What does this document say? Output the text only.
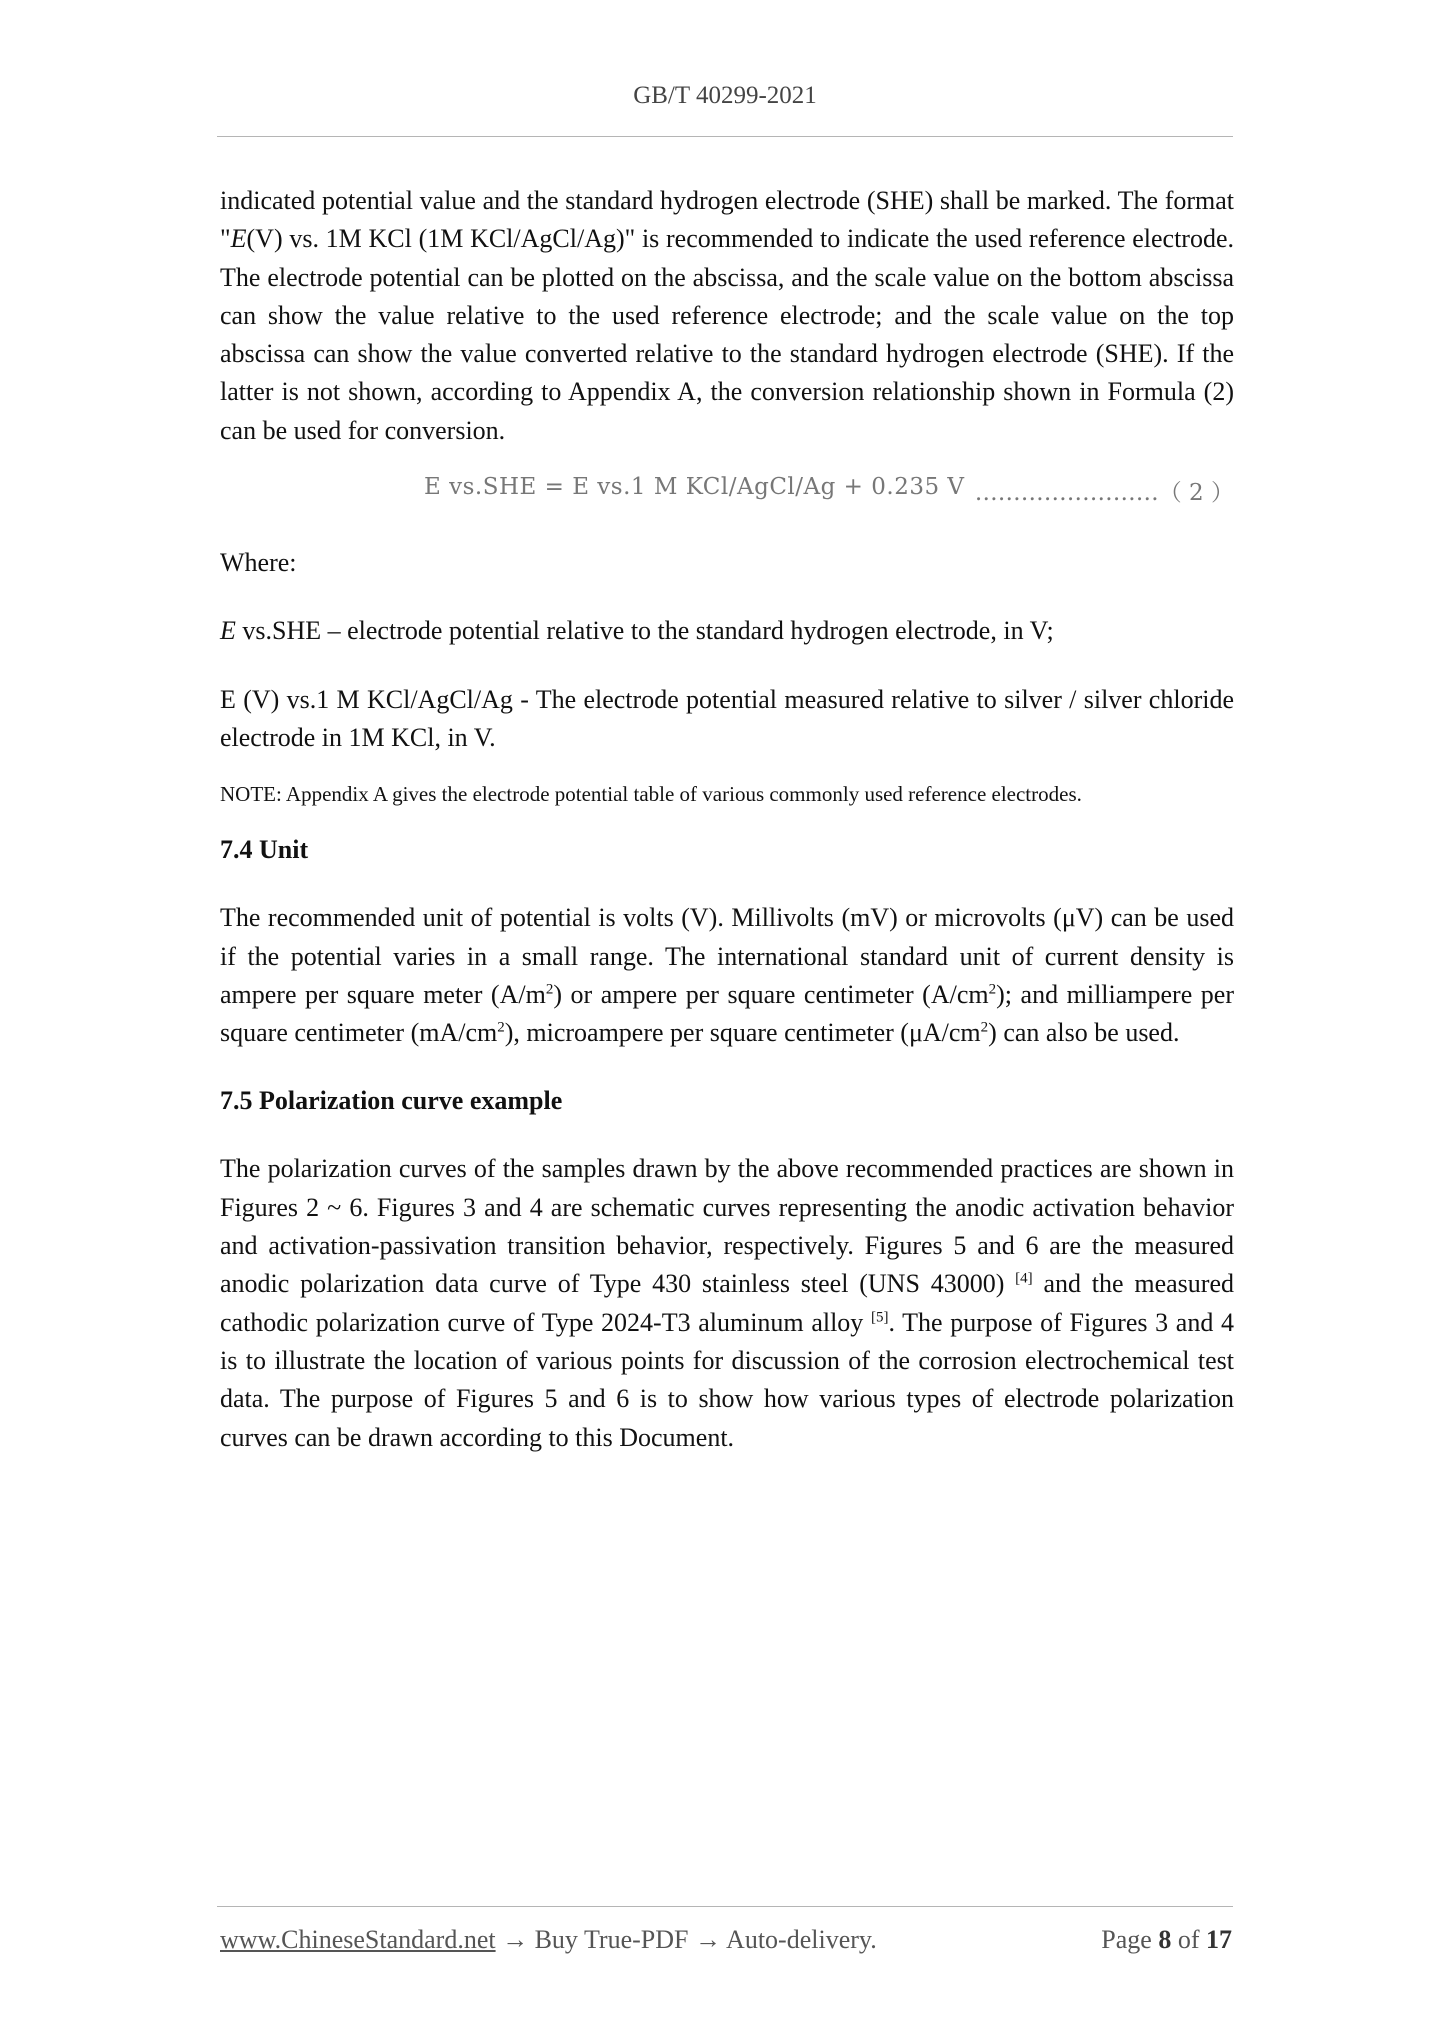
GB/T 40299-2021

indicated potential value and the standard hydrogen electrode (SHE) shall be marked. The format "E(V) vs. 1M KCl (1M KCl/AgCl/Ag)" is recommended to indicate the used reference electrode. The electrode potential can be plotted on the abscissa, and the scale value on the bottom abscissa can show the value relative to the used reference electrode; and the scale value on the top abscissa can show the value converted relative to the standard hydrogen electrode (SHE). If the latter is not shown, according to Appendix A, the conversion relationship shown in Formula (2) can be used for conversion.

E vs.SHE = E vs.1 M KCl/AgCl/Ag + 0.235 V ……………………（ 2 ）

Where:

E vs.SHE – electrode potential relative to the standard hydrogen electrode, in V;

E (V) vs.1 M KCl/AgCl/Ag - The electrode potential measured relative to silver / silver chloride electrode in 1M KCl, in V.

NOTE: Appendix A gives the electrode potential table of various commonly used reference electrodes.

7.4 Unit

The recommended unit of potential is volts (V). Millivolts (mV) or microvolts (μV) can be used if the potential varies in a small range. The international standard unit of current density is ampere per square meter $(A/m^2)$ or ampere per square centimeter $(A/cm^2)$; and milliampere per square centimeter $(mA/cm^2)$, microampere per square centimeter $(\mu A/cm^2)$ can also be used.

7.5 Polarization curve example

The polarization curves of the samples drawn by the above recommended practices are shown in Figures 2 ~ 6. Figures 3 and 4 are schematic curves representing the anodic activation behavior and activation-passivation transition behavior, respectively. Figures 5 and 6 are the measured anodic polarization data curve of Type 430 stainless steel (UNS 43000) [4] and the measured cathodic polarization curve of Type 2024-T3 aluminum alloy [5]. The purpose of Figures 3 and 4 is to illustrate the location of various points for discussion of the corrosion electrochemical test data. The purpose of Figures 5 and 6 is to show how various types of electrode polarization curves can be drawn according to this Document.

www.ChineseStandard.net → Buy True-PDF → Auto-delivery.	Page 8 of 17
